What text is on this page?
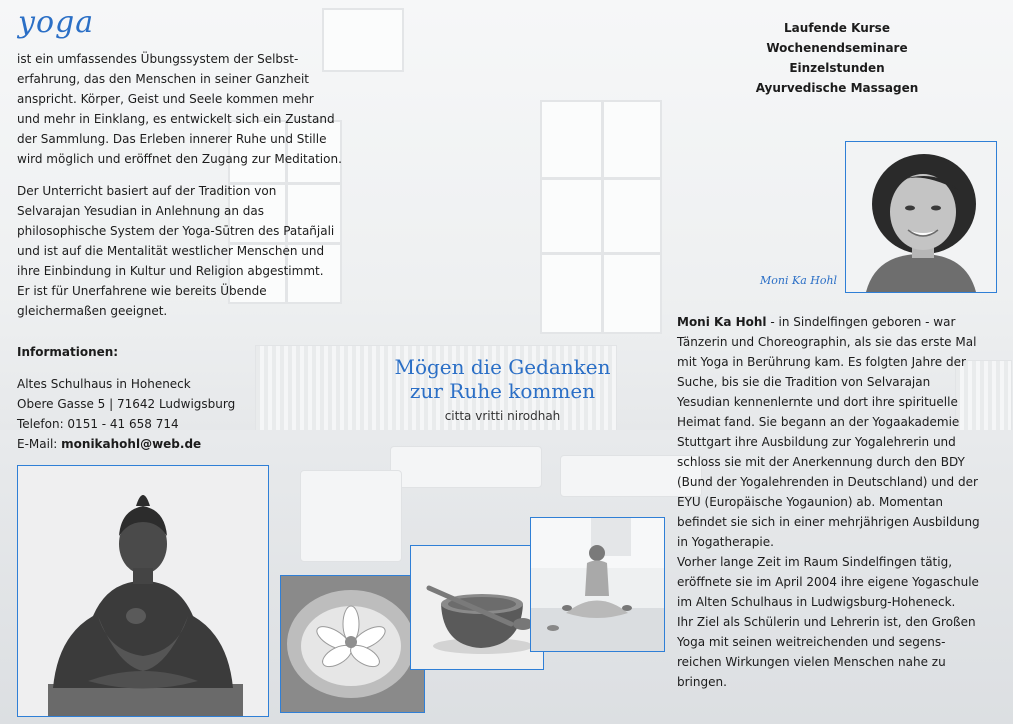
yoga
ist ein umfassendes Übungssystem der Selbst-
erfahrung, das den Menschen in seiner Ganzheit
anspricht. Körper, Geist und Seele kommen mehr
und mehr in Einklang, es entwickelt sich ein Zustand
der Sammlung. Das Erleben innerer Ruhe und Stille
wird möglich und eröffnet den Zugang zur Meditation.
Der Unterricht basiert auf der Tradition von
Selvarajan Yesudian in Anlehnung an das
philosophische System der Yoga-Sūtren des Patañjali
und ist auf die Mentalität westlicher Menschen und
ihre Einbindung in Kultur und Religion abgestimmt.
Er ist für Unerfahrene wie bereits Übende
gleichermaßen geeignet.
Informationen:
Altes Schulhaus in Hoheneck
Obere Gasse 5 | 71642 Ludwigsburg
Telefon: 0151 - 41 658 714
E-Mail: monikahohl@web.de
Laufende Kurse
Wochenendseminare
Einzelstunden
Ayurvedische Massagen
Moni Ka Hohl
Moni Ka Hohl - in Sindelfingen geboren - war
Tänzerin und Choreographin, als sie das erste Mal
mit Yoga in Berührung kam. Es folgten Jahre der
Suche, bis sie die Tradition von Selvarajan
Yesudian kennenlernte und dort ihre spirituelle
Heimat fand. Sie begann an der Yogaakademie
Stuttgart ihre Ausbildung zur Yogalehrerin und
schloss sie mit der Anerkennung durch den BDY
(Bund der Yogalehrenden in Deutschland) und der
EYU (Europäische Yogaunion) ab. Momentan
befindet sie sich in einer mehrjährigen Ausbildung
in Yogatherapie.
Vorher lange Zeit im Raum Sindelfingen tätig,
eröffnete sie im April 2004 ihre eigene Yogaschule
im Alten Schulhaus in Ludwigsburg-Hoheneck.
Ihr Ziel als Schülerin und Lehrerin ist, den Großen
Yoga mit seinen weitreichenden und segens-
reichen Wirkungen vielen Menschen nahe zu
bringen.
Mögen die Gedanken
zur Ruhe kommen
citta vritti nirodhah
